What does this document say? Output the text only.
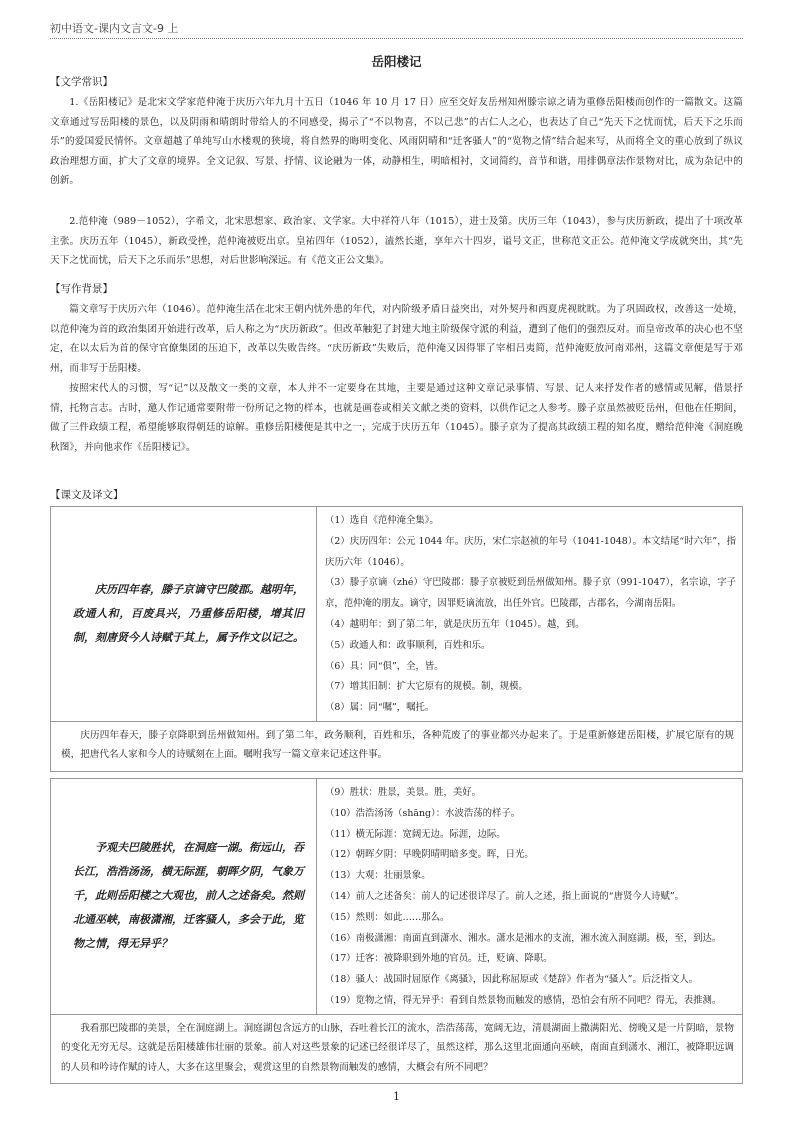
初中语文-课内文言文-9 上
岳阳楼记
【文学常识】
1.《岳阳楼记》是北宋文学家范仲淹于庆历六年九月十五日（1046 年 10 月 17 日）应至交好友岳州知州滕宗谅之请为重修岳阳楼而创作的一篇散文。这篇文章通过写岳阳楼的景色，以及阴雨和晴朗时带给人的不同感受，揭示了“不以物喜，不以己悲”的古仁人之心，也表达了自己“先天下之忧而忧，后天下之乐而乐”的爱国爱民情怀。文章超越了单纯写山水楼观的狭境，将自然界的晦明变化、风雨阴晴和“迁客骚人”的“览物之情”结合起来写，从而将全文的重心放到了纵议政治理想方面，扩大了文章的境界。全文记叙、写景、抒情、议论融为一体，动静相生，明暗相衬，文词简约，音节和谐，用排偶章法作景物对比，成为杂记中的创新。
2.范仲淹（989－1052），字希文，北宋思想家、政治家、文学家。大中祥符八年（1015），进士及第。庆历三年（1043），参与庆历新政，提出了十项改革主张。庆历五年（1045），新政受挫，范仲淹被贬出京。皇祐四年（1052），溘然长逝，享年六十四岁，谥号文正，世称范文正公。范仲淹文学成就突出，其“先天下之忧而忧，后天下之乐而乐”思想，对后世影响深远。有《范文正公文集》。
【写作背景】
篇文章写于庆历六年（1046）。范仲淹生活在北宋王朝内忧外患的年代，对内阶级矛盾日益突出，对外契丹和西夏虎视眈眈。为了巩固政权，改善这一处境，以范仲淹为首的政治集团开始进行改革，后人称之为“庆历新政”。但改革触犯了封建大地主阶级保守派的利益，遭到了他们的强烈反对。而皇帝改革的决心也不坚定，在以太后为首的保守官僚集团的压迫下，改革以失败告终。“庆历新政”失败后，范仲淹又因得罪了宰相吕夷简，范仲淹贬放河南邓州，这篇文章便是写于邓州，而非写于岳阳楼。
按照宋代人的习惯，写“记”以及散文一类的文章，本人并不一定要身在其地，主要是通过这种文章记录事情、写景、记人来抒发作者的感情或见解，借景抒情，托物言志。古时，邀人作记通常要附带一份所记之物的样本，也就是画卷或相关文献之类的资料，以供作记之人参考。滕子京虽然被贬岳州，但他在任期间，做了三件政绩工程，希望能够取得朝廷的谅解。重修岳阳楼便是其中之一，完成于庆历五年（1045）。滕子京为了提高其政绩工程的知名度，赠给范仲淹《洞庭晚秋图》，并向他求作《岳阳楼记》。
【课文及译文】
庆历四年春，滕子京谪守巴陵郡。越明年，政通人和，百废具兴，乃重修岳阳楼，增其旧制，刻唐贤今人诗赋于其上，属予作文以记之。	
（1）选自《范仲淹全集》。
（2）庆历四年：公元 1044 年。庆历，宋仁宗赵祯的年号（1041-1048）。本文结尾“时六年”，指庆历六年（1046）。
（3）滕子京谪（zhé）守巴陵郡：滕子京被贬到岳州做知州。滕子京（991-1047），名宗谅，字子京，范仲淹的朋友。谪守，因罪贬谪流放，出任外官。巴陵郡，古郡名，今湖南岳阳。
（4）越明年：到了第二年，就是庆历五年（1045）。越，到。
（5）政通人和：政事顺利，百姓和乐。
（6）具：同“俱”，全，皆。
（7）增其旧制：扩大它原有的规模。制，规模。
（8）属：同“嘱”，嘱托。

庆历四年春天，滕子京降职到岳州做知州。到了第二年，政务顺利，百姓和乐，各种荒废了的事业都兴办起来了。于是重新修建岳阳楼，扩展它原有的规模，把唐代名人家和今人的诗赋刻在上面。嘱咐我写一篇文章来记述这件事。
予观夫巴陵胜状，在洞庭一湖。衔远山，吞长江，浩浩汤汤，横无际涯，朝晖夕阴，气象万千，此则岳阳楼之大观也，前人之述备矣。然则北通巫峡，南极潇湘，迁客骚人，多会于此，览物之情，得无异乎？	
（9）胜状：胜景，美景。胜，美好。
（10）浩浩汤汤（shāng）：水波浩荡的样子。
（11）横无际涯：宽阔无边。际涯，边际。
（12）朝晖夕阴：早晚阴晴明暗多变。晖，日光。
（13）大观：壮丽景象。
（14）前人之述备矣：前人的记述很详尽了。前人之述，指上面说的“唐贤今人诗赋”。
（15）然则：如此……那么。
（16）南极潇湘：南面直到潇水、湘水。潇水是湘水的支流，湘水流入洞庭湖。极，至，到达。
（17）迁客：被降职到外地的官员。迁，贬谪、降职。
（18）骚人：战国时屈原作《离骚》，因此称屈原或《楚辞》作者为“骚人”。后泛指文人。
（19）览物之情，得无异乎：看到自然景物而触发的感情，恐怕会有所不同吧？得无，表推测。

我看那巴陵郡的美景，全在洞庭湖上。洞庭湖包含远方的山脉，吞吐着长江的流水，浩浩荡荡，宽阔无边，清晨湖面上撒满阳光、傍晚又是一片阴暗，景物的变化无穷无尽。这就是岳阳楼雄伟壮丽的景象。前人对这些景象的记述已经很详尽了，虽然这样，那么这里北面通向巫峡，南面直到潇水、湘江，被降职远调的人员和吟诗作赋的诗人，大多在这里聚会，观赏这里的自然景物而触发的感情，大概会有所不同吧？
1
